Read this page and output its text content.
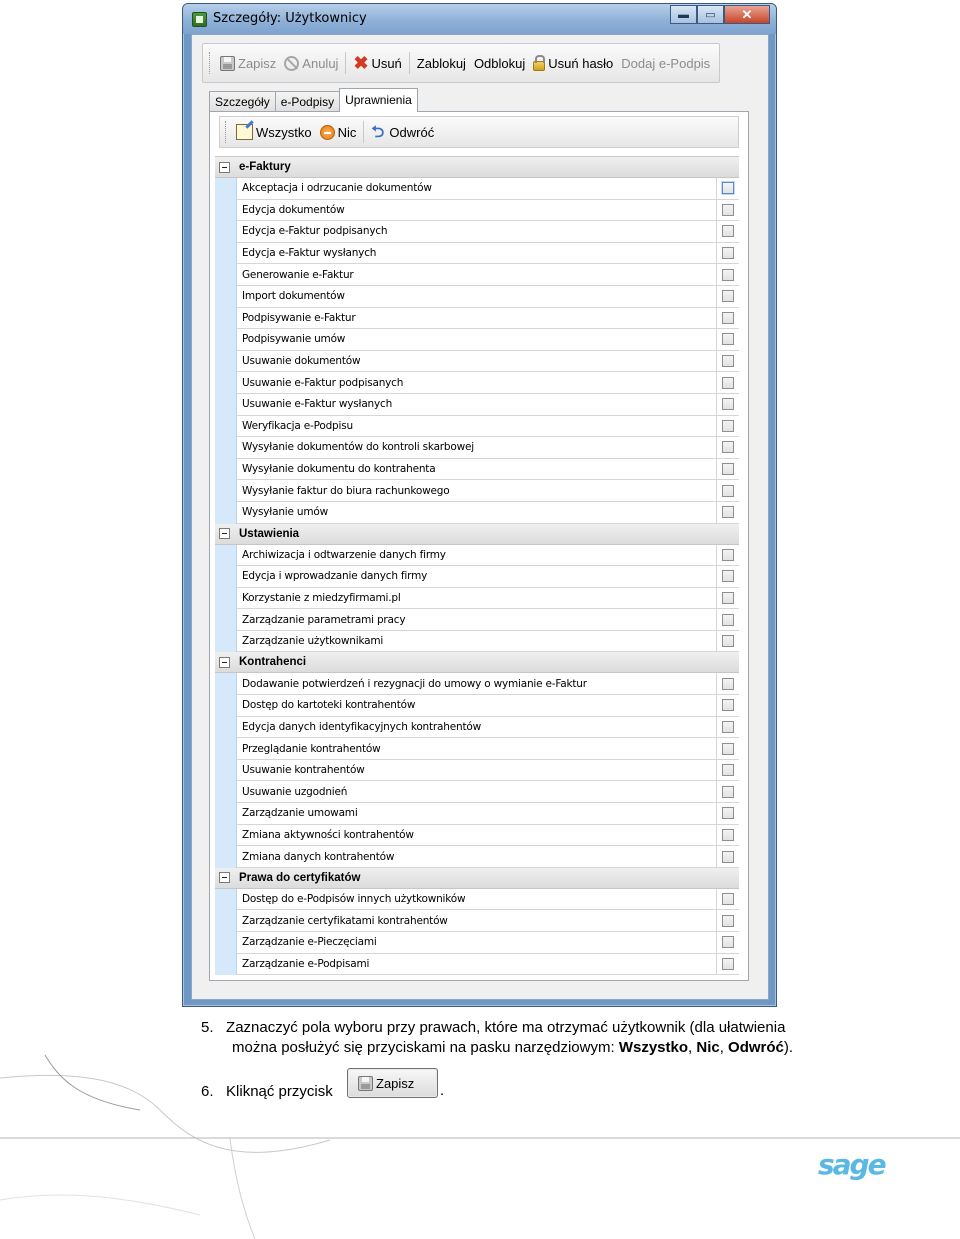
Szczegóły: Użytkownicy	▬	▭	✕
Zapisz Anuluj ✖ Usuń Zablokuj Odblokuj Usuń hasło Dodaj e-Podpis
Szczegóły e-Podpisy Uprawnienia
Wszystko Nic ⮌ Odwróć
e-Faktury
Akceptacja i odrzucanie dokumentów
Edycja dokumentów
Edycja e-Faktur podpisanych
Edycja e-Faktur wysłanych
Generowanie e-Faktur
Import dokumentów
Podpisywanie e-Faktur
Podpisywanie umów
Usuwanie dokumentów
Usuwanie e-Faktur podpisanych
Usuwanie e-Faktur wysłanych
Weryfikacja e-Podpisu
Wysyłanie dokumentów do kontroli skarbowej
Wysyłanie dokumentu do kontrahenta
Wysyłanie faktur do biura rachunkowego
Wysyłanie umów
Ustawienia
Archiwizacja i odtwarzenie danych firmy
Edycja i wprowadzanie danych firmy
Korzystanie z miedzyfirmami.pl
Zarządzanie parametrami pracy
Zarządzanie użytkownikami
Kontrahenci
Dodawanie potwierdzeń i rezygnacji do umowy o wymianie e-Faktur
Dostęp do kartoteki kontrahentów
Edycja danych identyfikacyjnych kontrahentów
Przeglądanie kontrahentów
Usuwanie kontrahentów
Usuwanie uzgodnień
Zarządzanie umowami
Zmiana aktywności kontrahentów
Zmiana danych kontrahentów
Prawa do certyfikatów
Dostęp do e-Podpisów innych użytkowników
Zarządzanie certyfikatami kontrahentów
Zarządzanie e-Pieczęciami
Zarządzanie e-Podpisami
5. Zaznaczyć pola wyboru przy prawach, które ma otrzymać użytkownik (dla ułatwienia
można posłużyć się przyciskami na pasku narzędziowym: Wszystko, Nic, Odwróć).
6. Kliknąć przycisk	Zapisz .
sage
